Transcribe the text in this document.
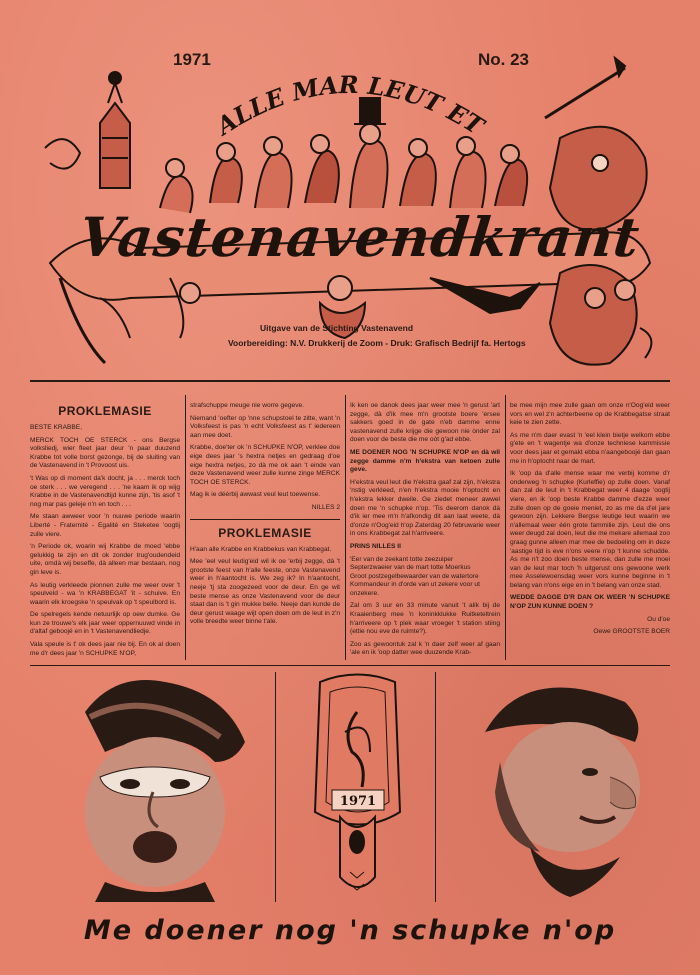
1971	No. 23
ALLE MAR LEUT ET
Vastenavendkrant
Uitgave van de Stichting Vastenavend
Voorbereiding: N.V. Drukkerij de Zoom - Druk: Grafisch Bedrijf fa. Hertogs
PROKLEMASIE

BESTE KRABBE,

MERCK TOCH OE STERCK - ons Bergse volksliedj, wier fleet jaar deur 'n paar duuzend Krabbe tot volle borst gezonge, bij de sluiting van de Vastenavend in 't Provoost uis.

't Was op di moment da'k docht, ja . . . merck toch oe sterk . . . we veregend . . . 'ne kaam ik op wijg Krabbe in de Vastenavendtijd kunne zijn, 'tis asof 't nog mar pas geleje n'n en toch . . .

Me staan awweer voor 'n nuuwe periode waarin Liberté - Fraternité - Egalité en Steketee 'oogtij zulle viere.

'n Periode ok, woarin wij Krabbe de moed 'ebbe gelukkig te zijn en dit ok zonder trug'oudendeid uite, omdà wij beseffe, dà alleen mar bestaan, nog gin leve is.

As leutig verkleede pionnen zulle me weer over 't speulveld - wa 'n KRABBEGAT 'it - schuive. En waarin elk kroegske 'n speulvak op 't speulbord is.

De spelregels kende netuurlijk op oew dumke. Ge kun ze trouwe's elk jaar weer oppernuuwd vinde in d'altaf geboojé en in 't Vastenavendliedje.

Vala speule is t' ok dees jaar nie bij. En ok al doen me d'r dees jaar 'n SCHUPKE N'OP,

strafschuppe meuge nie worre gegeve.

Niemand 'oefter op 'nne schupstoel te zitte, want 'n Volksfeest is pas 'n echt Volksfeest as t' iedereen aan mee doet.

Krabbe, doe'ter ok 'n SCHUPKE N'OP, verklee doe eige dees jaar 's hextra netjes en gedraag d'oe eige hextra netjes, zo dà me ok aan 't einde van deze Vastenavend weer zulle kunne zinge MERCK TOCH OE STERCK.

Mag ik ie déérbij awwast veul leut toewense.

NILLES 2

PROKLEMASIE

H'aan alle Krabbe en Krabbekus van Krabbegat.

Mee 'eel veul leutig'eid wil ik oe 'erbij zegge, dà 't grootste feest van h'alle feeste, onze Vastenavend weer in h'aantocht is. We zeg ik? In h'aantocht, neeje 'tj sta zoogezeed voor de deur. En ge wit beste mense as onze Vastenavend voor de deur staat dan is 't gin mukke belle. Neeje dan kunde de deur gerust waage wijt open doen om de leut in z'n volle breedte weer binne t'ale.

Ik ken oe danok dees jaar weer mee 'n gerust 'art zegge, dà d'ik mee m'n grootste boere 'ersee sakkers goed in de gate n'eb damme enne vastenavend zulle krijge die gewoon nie ònder zal doen voor de beste die me oòt g'ad ebbe.

ME DOENER NOG 'N SCHUPKE N'OP en dà wil zegge damme n'm h'ekstra van ketoen zulle geve.

H'ekstra veul leut die h'ekstra gaaf zal zijn, h'ekstra 'nstig verkleed, n'en h'ekstra mooie h'optocht en h'ekstra lekker dweile. Ge ziedet meneer awwel doen me 'n schupke n'op. 'Tis deerom danok dà d'ik ier mee m'n h'afkondig dit aan laat weete, dà d'onze n'Oog'eid h'op Zaterdag 20 februwarie weer in ons Krabbegat zal h'arriveere.

PRINS NILLES II

'Eer van de zeekant totte zeezuiper
Septerzwaeier van de mart totte Moerkus
Groot postzegelbewaarder van de watertore
Kommandeur in d'orde van ut zekere voor ut onzekere.

Zal om 3 uur en 33 minute vanuit 't alik bij de Kraaienberg mee 'n koninkklukke Ruitketeltrein h'arriveere op 't plek waar vroeger 't station stiing (ettie nou eve de ruimte?).

Zoo as gewoontuk zal k 'n daer zelf weer af gaan 'ale en ik 'oop datter wee duuzende Krab-

be mee mijn mee zulle gaan om onze n'Oog'eid weer vors en wel z'n achterbeene op de Krabbegatse straat keie te zien zette.

As me n'm daer evast 'n 'eel klein bietje welkom ebbe g'ete en 't wagentje wa d'onze techniese kammissie voor dees jaar et gemakt ebba n'aangeboojé dan gaan me in h'optocht naar de mart.

Ik 'oop da d'alle mense waar me verbij komme d'r onderweg 'n schupke (Kurleffie) op zulle doen. Vanaf dan zal de leut in 't Krabbegat weer 4 daage 'oogtij viere, en ik 'oop beste Krabbe damme d'ezze weer zulle doen op de goeie meniet, zo as me da d'el jare gewoon zijn. Lekkere Bergse leutige leut waarin we n'allemaal weer één grote fammilie zijn. Leut die ons weer deugd zal doen, leut die me mekare allemaal zoo graag gunne alleen mar mee de bedoeling om in deze 'aastige tijd is eve n'ons veere n'op 't kunne schudde. As me n't zoo doen beste mense, dan zulle me moei van de leut mar toch 'h uitgerust ons gewoone werk mee Asselewoensdag weer vors kunne beginne in 't belang van n'ons eige en in 't belang van onze stad.

WEDDE DAGGE D'R DAN OK WEER 'N SCHUPKE N'OP ZUN KUNNE DOEN ?

Ou d'oe

Oewe GROOTSTE BOER

1971
Me doener nog 'n schupke n'op
